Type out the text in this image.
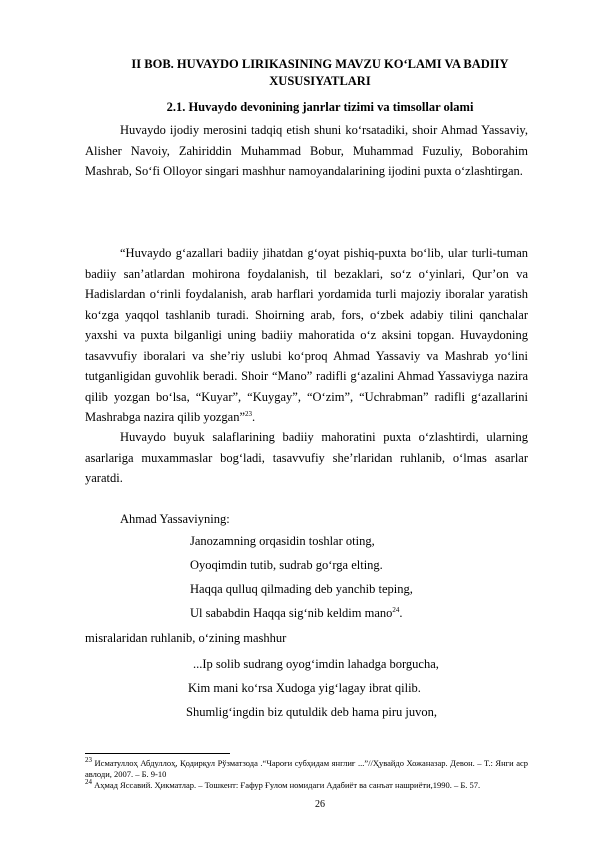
II BOB. HUVAYDO LIRIKASINING MAVZU KO‘LAMI VA BADIIY XUSUSIYATLARI
2.1. Huvaydo devonining janrlar tizimi va timsollar olami

Huvaydo ijodiy merosini tadqiq etish shuni koʻrsatadiki, shoir Ahmad Yassaviy, Alisher Navoiy, Zahiriddin Muhammad Bobur, Muhammad Fuzuliy, Boborahim Mashrab, Soʻfi Olloyor singari mashhur namoyandalarining ijodini puxta oʻzlashtirgan.

“Huvaydo g‘azallari badiiy jihatdan g‘oyat pishiq-puxta bo‘lib, ular turli-tuman badiiy san’atlardan mohirona foydalanish, til bezaklari, so‘z o‘yinlari, Qur’on va Hadislardan o‘rinli foydalanish, arab harflari yordamida turli majoziy iboralar yaratish ko‘zga yaqqol tashlanib turadi. Shoirning arab, fors, oʻzbek adabiy tilini qanchalar yaxshi va puxta bilganligi uning badiiy mahoratida oʻz aksini topgan. Huvaydoning tasavvufiy iboralari va sheʼriy uslubi koʻproq Ahmad Yassaviy va Mashrab yoʻlini tutganligidan guvohlik beradi. Shoir “Mano” radifli g‘azalini Ahmad Yassaviyga nazira qilib yozgan boʻlsa, “Kuyar”, “Kuygay”, “Oʻzim”, “Uchrabman” radifli g‘azallarini Mashrabga nazira qilib yozgan”$^{23}$.

Huvaydo buyuk salaflarining badiiy mahoratini puxta oʻzlashtirdi, ularning asarlariga muxammaslar bogʻladi, tasavvufiy she’rlaridan ruhlanib, o‘lmas asarlar yaratdi.

Ahmad Yassaviyning:

Janozamning orqasidin toshlar oting,
Oyoqimdin tutib, sudrab goʻrga elting.
Haqqa qulluq qilmading deb yanchib teping,
Ul sababdin Haqqa sigʻnib keldim mano$^{24}$.
misralaridan ruhlanib, o‘zining mashhur
...Ip solib sudrang oyogʻimdin lahadga borgucha,
Kim mani koʻrsa Xudoga yigʻlagay ibrat qilib.
Shumligʻingdin biz qutuldik deb hama piru juvon,

$^{23}$ Исматуллоҳ Абдуллоҳ, Қодирқул Рўзматзода .“Чароғи субҳидам янглиғ ...”//Ҳувайдо Хожаназар. Девон. – Т.: Янги аср авлоди, 2007. – Б. 9-10

$^{24}$ Аҳмад Яссавий. Ҳикматлар. – Тошкент: Ғафур Ғулом номидаги Адабиёт ва санъат нашриёти,1990. – Б. 57.

26
